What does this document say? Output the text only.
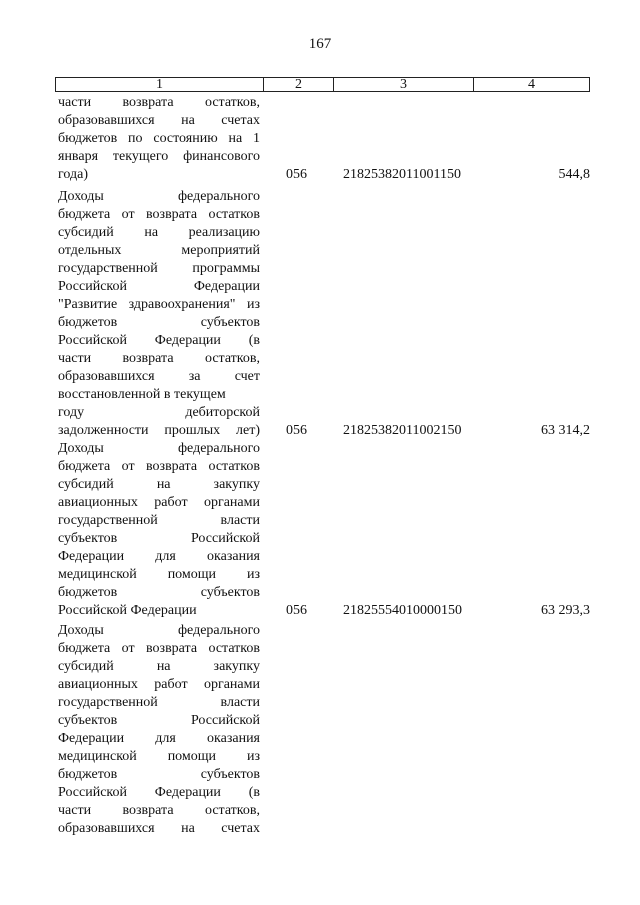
167
1	2	3	4
части возврата остатков,
образовавшихся на счетах
бюджетов по состоянию на 1
января текущего финансового
года)	056	21825382011001150	544,8
Доходы федерального
бюджета от возврата остатков
субсидий на реализацию
отдельных мероприятий
государственной программы
Российской Федерации
"Развитие здравоохранения" из
бюджетов субъектов
Российской Федерации (в
части возврата остатков,
образовавшихся за счет
восстановленной в текущем
году дебиторской
задолженности прошлых лет) 056	21825382011002150	63 314,2
Доходы федерального
бюджета от возврата остатков
субсидий на закупку
авиационных работ органами
государственной власти
субъектов Российской
Федерации для оказания
медицинской помощи из
бюджетов субъектов
Российской Федерации	056	21825554010000150	63 293,3
Доходы федерального
бюджета от возврата остатков
субсидий на закупку
авиационных работ органами
государственной власти
субъектов Российской
Федерации для оказания
медицинской помощи из
бюджетов субъектов
Российской Федерации (в
части возврата остатков,
образовавшихся на счетах
